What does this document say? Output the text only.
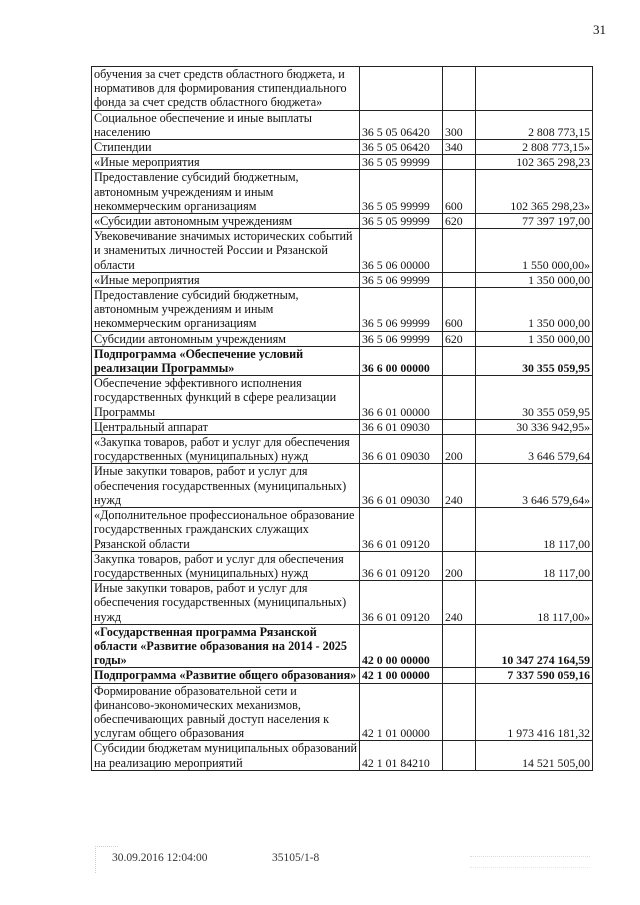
31
обучения за счет средств областного бюджета, и нормативов для формирования стипендиального фонда за счет средств областного бюджета»			
Социальное обеспечение и иные выплаты населению	36 5 05 06420	300	2 808 773,15
Стипендии	36 5 05 06420	340	2 808 773,15»
«Иные мероприятия	36 5 05 99999		102 365 298,23
Предоставление субсидий бюджетным, автономным учреждениям и иным некоммерческим организациям	36 5 05 99999	600	102 365 298,23»
«Субсидии автономным учреждениям	36 5 05 99999	620	77 397 197,00
Увековечивание значимых исторических событий и знаменитых личностей России и Рязанской области	36 5 06 00000		1 550 000,00»
«Иные мероприятия	36 5 06 99999		1 350 000,00
Предоставление субсидий бюджетным, автономным учреждениям и иным некоммерческим организациям	36 5 06 99999	600	1 350 000,00
Субсидии автономным учреждениям	36 5 06 99999	620	1 350 000,00
Подпрограмма «Обеспечение условий реализации Программы»	36 6 00 00000		30 355 059,95
Обеспечение эффективного исполнения государственных функций в сфере реализации Программы	36 6 01 00000		30 355 059,95
Центральный аппарат	36 6 01 09030		30 336 942,95»
«Закупка товаров, работ и услуг для обеспечения государственных (муниципальных) нужд	36 6 01 09030	200	3 646 579,64
Иные закупки товаров, работ и услуг для обеспечения государственных (муниципальных) нужд	36 6 01 09030	240	3 646 579,64»
«Дополнительное профессиональное образование государственных гражданских служащих Рязанской области	36 6 01 09120		18 117,00
Закупка товаров, работ и услуг для обеспечения государственных (муниципальных) нужд	36 6 01 09120	200	18 117,00
Иные закупки товаров, работ и услуг для обеспечения государственных (муниципальных) нужд	36 6 01 09120	240	18 117,00»
«Государственная программа Рязанской области «Развитие образования на 2014 - 2025 годы»	42 0 00 00000		10 347 274 164,59
Подпрограмма «Развитие общего образования»	42 1 00 00000		7 337 590 059,16
Формирование образовательной сети и финансово-экономических механизмов, обеспечивающих равный доступ населения к услугам общего образования	42 1 01 00000		1 973 416 181,32
Субсидии бюджетам муниципальных образований на реализацию мероприятий	42 1 01 84210		14 521 505,00
30.09.2016 12:04:00	35105/1-8
